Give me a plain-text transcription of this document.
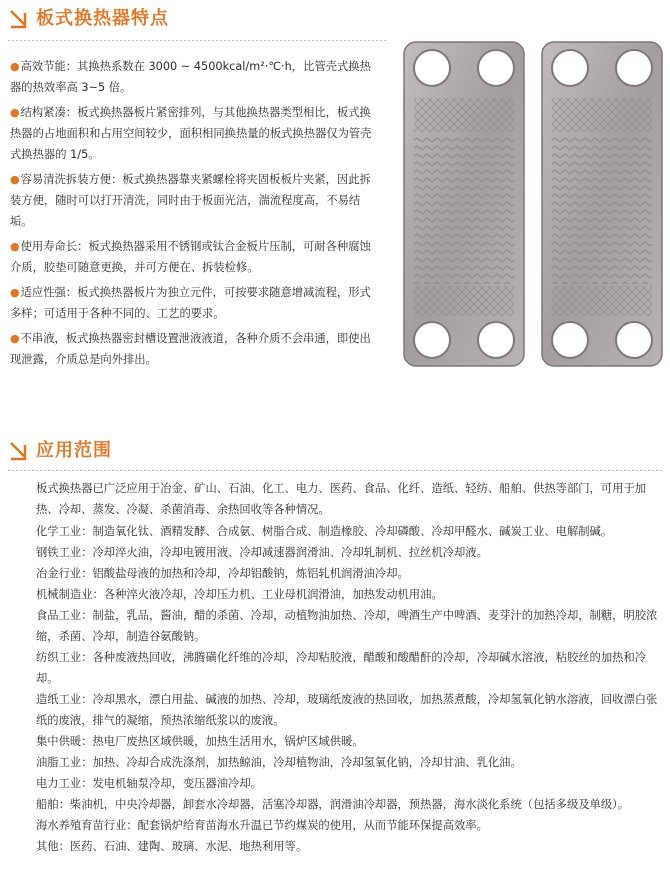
板式换热器特点

●高效节能：其换热系数在 3000 ~ 4500kcal/m²·℃·h，比管壳式换热器的热效率高 3~5 倍。

●结构紧凑：板式换热器板片紧密排列，与其他换热器类型相比，板式换热器的占地面积和占用空间较少，面积相同换热量的板式换热器仅为管壳式换热器的 1/5。

●容易清洗拆装方便：板式换热器靠夹紧螺栓将夹固板板片夹紧，因此拆装方便，随时可以打开清洗，同时由于板面光洁，湍流程度高，不易结垢。

●使用寿命长：板式换热器采用不锈钢或钛合金板片压制，可耐各种腐蚀介质，胶垫可随意更换，并可方便在、拆装检修。

●适应性强：板式换热器板片为独立元件，可按要求随意增减流程，形式多样；可适用于各种不同的、工艺的要求。

●不串液，板式换热器密封槽设置泄液液道，各种介质不会串通，即使出现泄露，介质总是向外排出。

应用范围

板式换热器已广泛应用于冶金、矿山、石油、化工、电力、医药、食品、化纤、造纸、轻纺、船舶、供热等部门，可用于加热、冷却、蒸发、冷凝、杀菌消毒、余热回收等各种情况。

化学工业：制造氧化钛、酒精发酵、合成氨、树脂合成、制造橡胶、冷却磷酸、冷却甲醛水、碱炭工业、电解制碱。

钢铁工业：冷却淬火油，冷却电镀用液、冷却减速器润滑油、冷却轧制机、拉丝机冷却液。

冶金行业：铝酸盐母液的加热和冷却，冷却铝酸钠，炼铝轧机润滑油冷却。

机械制造业：各种淬火液冷却，冷却压力机、工业母机润滑油，加热发动机用油。

食品工业：制盐，乳品，酱油，醋的杀菌、冷却，动植物油加热、冷却，啤酒生产中啤酒、麦芽汁的加热冷却，制糖，明胶浓缩，杀菌、冷却，制造谷氨酸钠。

纺织工业：各种废液热回收，沸腾磺化纤维的冷却，冷却粘胶液，醋酸和酸醋酐的冷却，冷却碱水溶液，粘胶丝的加热和冷却。

造纸工业：冷却黑水，漂白用盐、碱液的加热、冷却，玻璃纸废液的热回收，加热蒸煮酸，冷却氢氧化钠水溶液，回收漂白张纸的废液，排气的凝缩，预热浓缩纸浆以的废液。

集中供暖：热电厂废热区域供暖，加热生活用水，锅炉区域供暖。

油脂工业：加热、冷却合成洗涤剂，加热鲸油，冷却植物油，冷却氢氧化钠，冷却甘油、乳化油。

电力工业：发电机轴泵冷却，变压器油冷却。

船舶：柴油机，中央冷却器，卸套水冷却器，活塞冷却器，润滑油冷却器，预热器，海水淡化系统（包括多级及单级）。

海水养殖育苗行业：配套锅炉给育苗海水升温已节约煤炭的使用，从而节能环保提高效率。

其他：医药、石油、建陶、玻璃、水泥、地热利用等。
